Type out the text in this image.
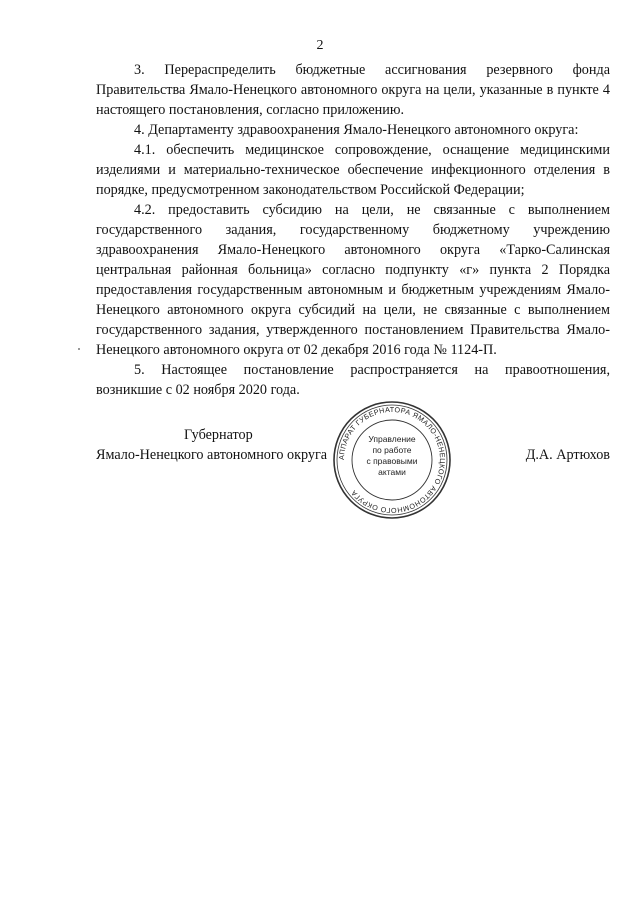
2

3. Перераспределить бюджетные ассигнования резервного фонда Правительства Ямало-Ненецкого автономного округа на цели, указанные в пункте 4 настоящего постановления, согласно приложению.

4. Департаменту здравоохранения Ямало-Ненецкого автономного округа:

4.1. обеспечить медицинское сопровождение, оснащение медицинскими изделиями и материально-техническое обеспечение инфекционного отделения в порядке, предусмотренном законодательством Российской Федерации;

4.2. предоставить субсидию на цели, не связанные с выполнением государственного задания, государственному бюджетному учреждению здравоохранения Ямало-Ненецкого автономного округа «Тарко-Салинская центральная районная больница» согласно подпункту «г» пункта 2 Порядка предоставления государственным автономным и бюджетным учреждениям Ямало-Ненецкого автономного округа субсидий на цели, не связанные с выполнением государственного задания, утвержденного постановлением Правительства Ямало-Ненецкого автономного округа от 02 декабря 2016 года № 1124-П.

5. Настоящее постановление распространяется на правоотношения, возникшие с 02 ноября 2020 года.

Губернатор
Ямало-Ненецкого автономного округа	Д.А. Артюхов
АППАРАТ ГУБЕРНАТОРА ЯМАЛО-НЕНЕЦКОГО АВТОНОМНОГО ОКРУГА
Управление
по работе
с правовыми
актами
